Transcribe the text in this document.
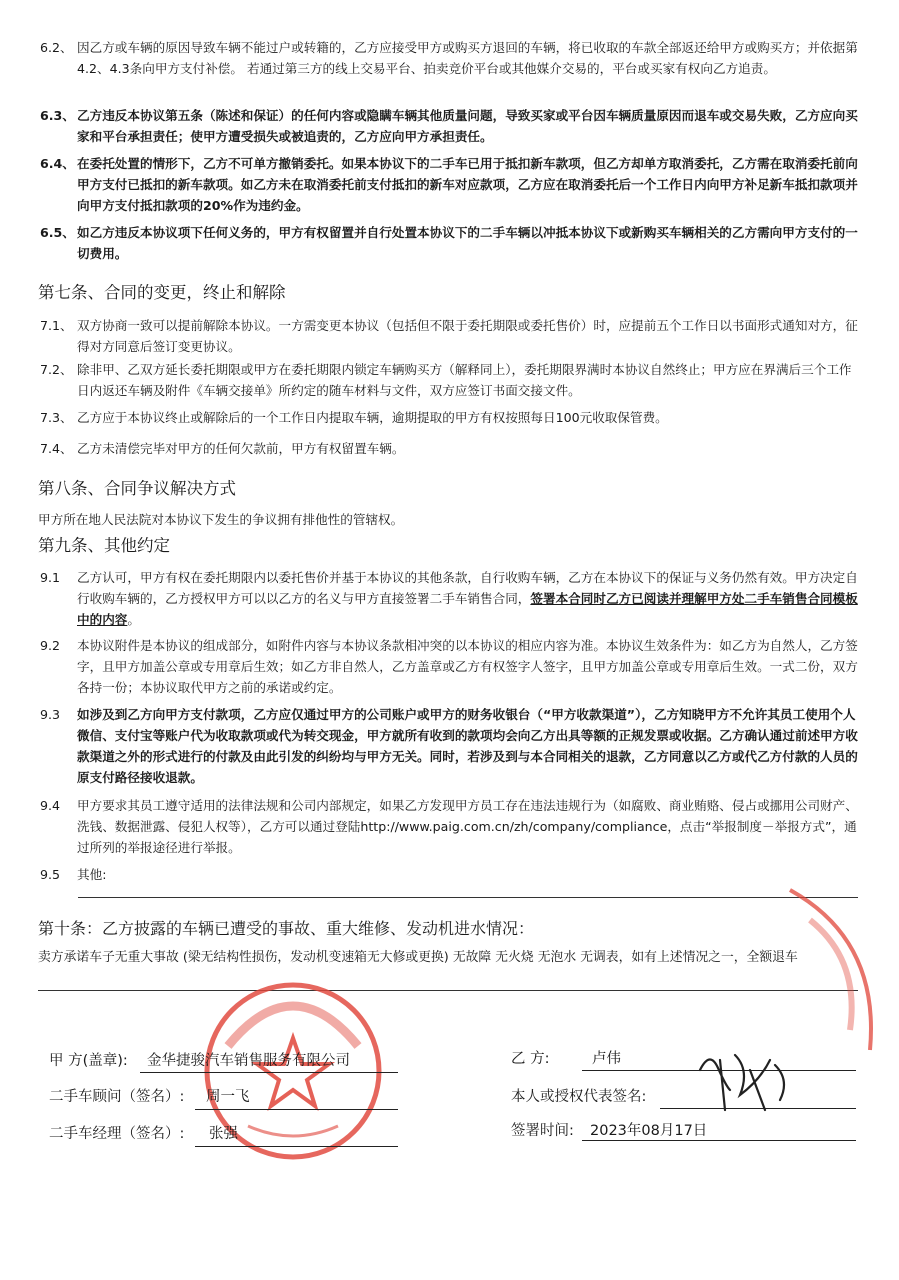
6.2、 因乙方或车辆的原因导致车辆不能过户或转籍的，乙方应接受甲方或购买方退回的车辆，将已收取的车款全部返还给甲方或购买方；并依据第4.2、4.3条向甲方支付补偿。 若通过第三方的线上交易平台、拍卖竞价平台或其他媒介交易的，平台或买家有权向乙方追责。
6.3、 乙方违反本协议第五条（陈述和保证）的任何内容或隐瞒车辆其他质量问题，导致买家或平台因车辆质量原因而退车或交易失败，乙方应向买家和平台承担责任；使甲方遭受损失或被追责的，乙方应向甲方承担责任。
6.4、 在委托处置的情形下，乙方不可单方撤销委托。如果本协议下的二手车已用于抵扣新车款项，但乙方却单方取消委托，乙方需在取消委托前向甲方支付已抵扣的新车款项。如乙方未在取消委托前支付抵扣的新车对应款项，乙方应在取消委托后一个工作日内向甲方补足新车抵扣款项并向甲方支付抵扣款项的20%作为违约金。
6.5、 如乙方违反本协议项下任何义务的，甲方有权留置并自行处置本协议下的二手车辆以冲抵本协议下或新购买车辆相关的乙方需向甲方支付的一切费用。
第七条、合同的变更，终止和解除
7.1、 双方协商一致可以提前解除本协议。一方需变更本协议（包括但不限于委托期限或委托售价）时，应提前五个工作日以书面形式通知对方，征得对方同意后签订变更协议。
7.2、 除非甲、乙双方延长委托期限或甲方在委托期限内锁定车辆购买方（解释同上），委托期限界满时本协议自然终止；甲方应在界满后三个工作日内返还车辆及附件《车辆交接单》所约定的随车材料与文件，双方应签订书面交接文件。
7.3、 乙方应于本协议终止或解除后的一个工作日内提取车辆，逾期提取的甲方有权按照每日100元收取保管费。
7.4、 乙方未清偿完毕对甲方的任何欠款前，甲方有权留置车辆。
第八条、合同争议解决方式
甲方所在地人民法院对本协议下发生的争议拥有排他性的管辖权。
第九条、其他约定
9.1	乙方认可，甲方有权在委托期限内以委托售价并基于本协议的其他条款，自行收购车辆，乙方在本协议下的保证与义务仍然有效。甲方决定自行收购车辆的，乙方授权甲方可以以乙方的名义与甲方直接签署二手车销售合同，签署本合同时乙方已阅读并理解甲方处二手车销售合同模板中的内容。
9.2	本协议附件是本协议的组成部分，如附件内容与本协议条款相冲突的以本协议的相应内容为准。本协议生效条件为：如乙方为自然人，乙方签字，且甲方加盖公章或专用章后生效；如乙方非自然人，乙方盖章或乙方有权签字人签字，且甲方加盖公章或专用章后生效。一式二份，双方各持一份；本协议取代甲方之前的承诺或约定。
9.3	如涉及到乙方向甲方支付款项，乙方应仅通过甲方的公司账户或甲方的财务收银台（“甲方收款渠道”），乙方知晓甲方不允许其员工使用个人微信、支付宝等账户代为收取款项或代为转交现金，甲方就所有收到的款项均会向乙方出具等额的正规发票或收据。乙方确认通过前述甲方收款渠道之外的形式进行的付款及由此引发的纠纷均与甲方无关。同时，若涉及到与本合同相关的退款，乙方同意以乙方或代乙方付款的人员的原支付路径接收退款。
9.4	甲方要求其员工遵守适用的法律法规和公司内部规定，如果乙方发现甲方员工存在违法违规行为（如腐败、商业贿赂、侵占或挪用公司财产、洗钱、数据泄露、侵犯人权等），乙方可以通过登陆http://www.paig.com.cn/zh/company/compliance，点击“举报制度－举报方式”，通过所列的举报途径进行举报。
9.5	其他:
第十条：乙方披露的车辆已遭受的事故、重大维修、发动机进水情况：
卖方承诺车子无重大事故 (梁无结构性损伤，发动机变速箱无大修或更换) 无故障 无火烧 无泡水 无调表，如有上述情况之一，全额退车
甲 方(盖章): 金华捷骏汽车销售服务有限公司
二手车顾问（签名）: 周一飞
二手车经理（签名）: 张强
乙 方:	卢伟
本人或授权代表签名:
签署时间: 2023年08月17日
